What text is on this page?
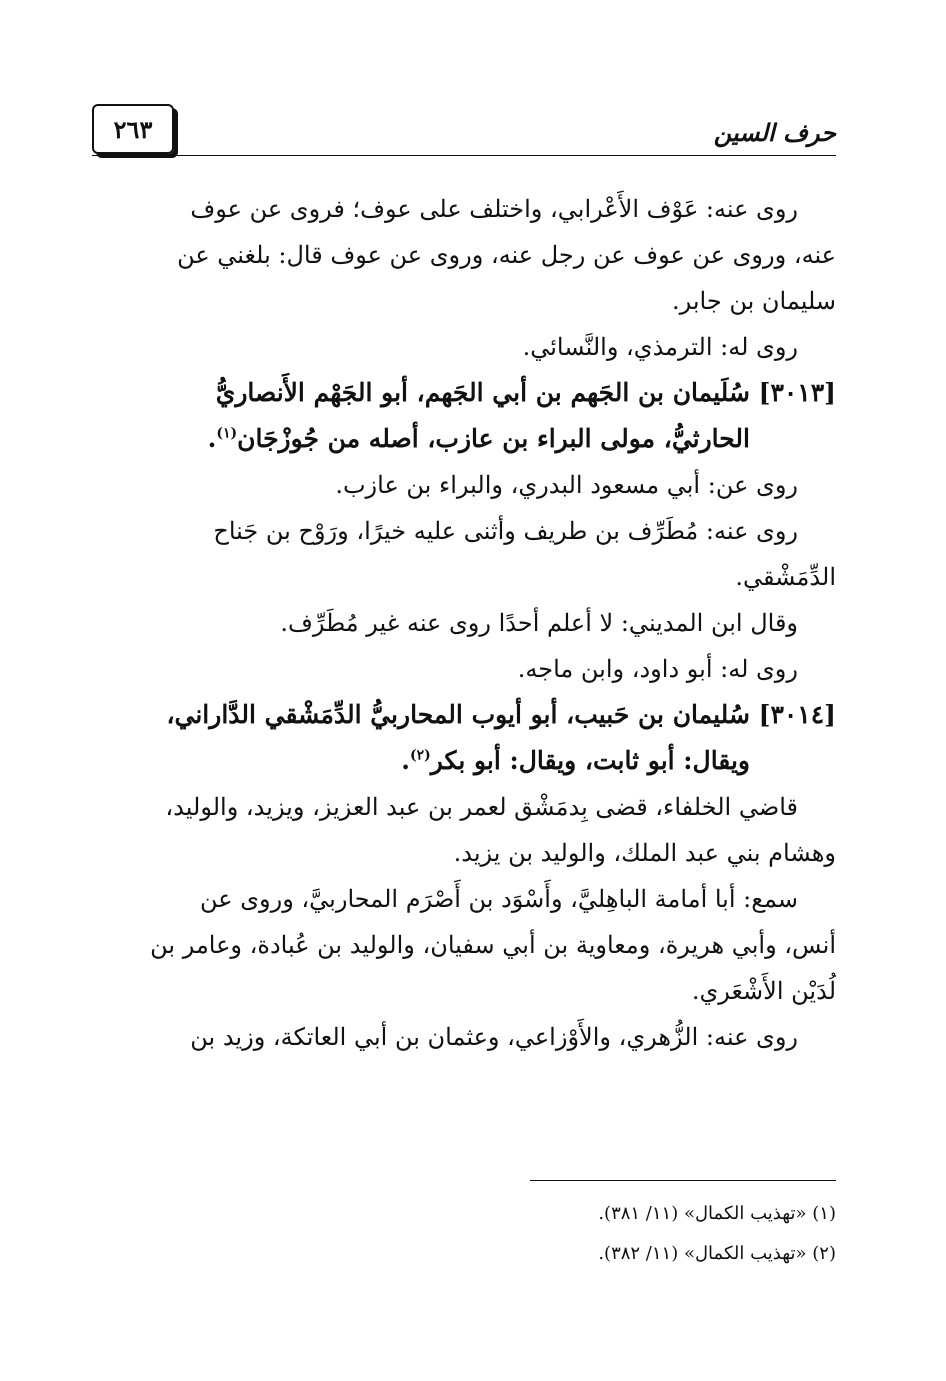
حرف السين
٢٦٣

روى عنه: عَوْف الأَعْرابي، واختلف على عوف؛ فروى عن عوف

عنه، وروى عن عوف عن رجل عنه، وروى عن عوف قال: بلغني عن

سليمان بن جابر.

روى له: الترمذي، والنَّسائي.

[٣٠١٣] سُلَيمان بن الجَهم بن أبي الجَهم، أبو الجَهْم الأَنصاريُّ

الحارثيُّ، مولى البراء بن عازب، أصله من جُوزْجَان$^{(١)}$.

روى عن: أبي مسعود البدري، والبراء بن عازب.

روى عنه: مُطَرِّف بن طريف وأثنى عليه خيرًا، ورَوْح بن جَناح

الدِّمَشْقي.

وقال ابن المديني: لا أعلم أحدًا روى عنه غير مُطَرِّف.

روى له: أبو داود، وابن ماجه.

[٣٠١٤] سُليمان بن حَبيب، أبو أيوب المحاربيُّ الدِّمَشْقي الدَّاراني،

ويقال: أبو ثابت، ويقال: أبو بكر$^{(٢)}$.

قاضي الخلفاء، قضى بِدمَشْق لعمر بن عبد العزيز، ويزيد، والوليد،

وهشام بني عبد الملك، والوليد بن يزيد.

سمع: أبا أمامة الباهِليَّ، وأَسْوَد بن أَصْرَم المحاربيَّ، وروى عن

أنس، وأبي هريرة، ومعاوية بن أبي سفيان، والوليد بن عُبادة، وعامر بن

لُدَيْن الأَشْعَري.

روى عنه: الزُّهري، والأَوْزاعي، وعثمان بن أبي العاتكة، وزيد بن

(١) «تهذيب الكمال» (١١/ ٣٨١).

(٢) «تهذيب الكمال» (١١/ ٣٨٢).
